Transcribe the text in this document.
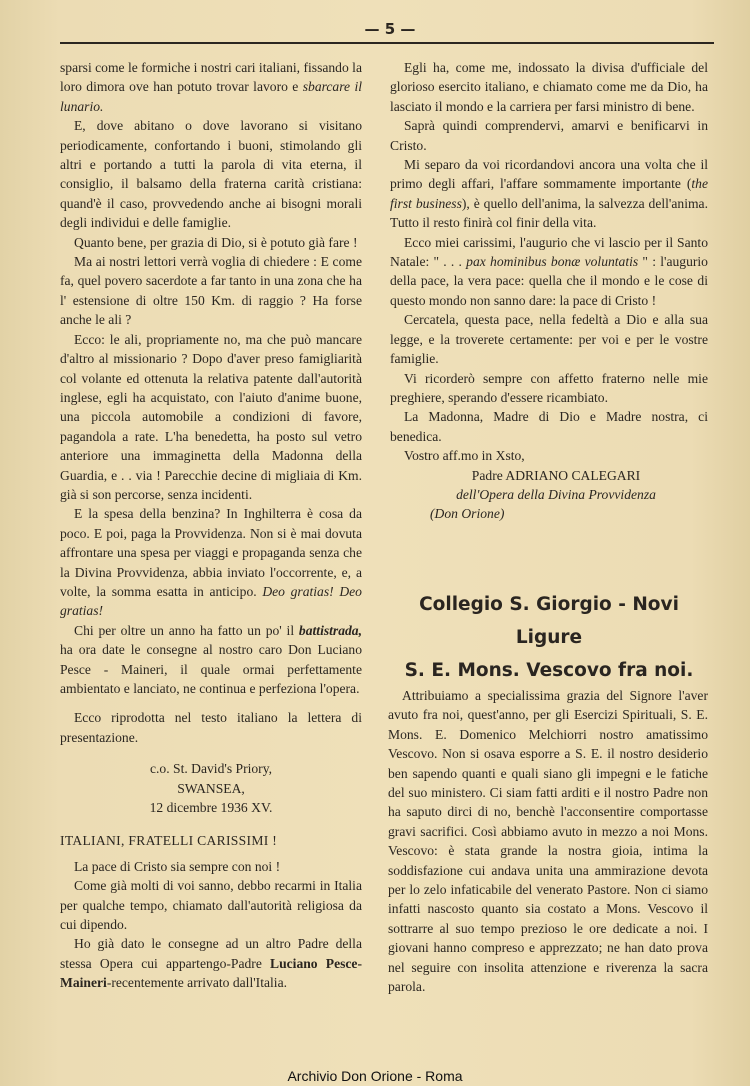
— 5 —

sparsi come le formiche i nostri cari italiani, fissando la loro dimora ove han potuto trovar lavoro e sbarcare il lunario.

E, dove abitano o dove lavorano si visitano periodicamente, confortando i buoni, stimolando gli altri e portando a tutti la parola di vita eterna, il consiglio, il balsamo della fraterna carità cristiana: quand'è il caso, provvedendo anche ai bisogni morali degli individui e delle famiglie.

Quanto bene, per grazia di Dio, si è potuto già fare !

Ma ai nostri lettori verrà voglia di chiedere : E come fa, quel povero sacerdote a far tanto in una zona che ha l' estensione di oltre 150 Km. di raggio ? Ha forse anche le ali ?

Ecco: le ali, propriamente no, ma che può mancare d'altro al missionario ? Dopo d'aver preso famigliarità col volante ed ottenuta la relativa patente dall'autorità inglese, egli ha acquistato, con l'aiuto d'anime buone, una piccola automobile a condizioni di favore, pagandola a rate. L'ha benedetta, ha posto sul vetro anteriore una immaginetta della Madonna della Guardia, e . . via ! Parecchie decine di migliaia di Km. già si son percorse, senza incidenti.

E la spesa della benzina? In Inghilterra è cosa da poco. E poi, paga la Provvidenza. Non si è mai dovuta affrontare una spesa per viaggi e propaganda senza che la Divina Provvidenza, abbia inviato l'occorrente, e, a volte, la somma esatta in anticipo. Deo gratias! Deo gratias!

Chi per oltre un anno ha fatto un po' il battistrada, ha ora date le consegne al nostro caro Don Luciano Pesce - Maineri, il quale ormai perfettamente ambientato e lanciato, ne continua e perfeziona l'opera.

Ecco riprodotta nel testo italiano la lettera di presentazione.

c.o. St. David's Priory,
SWANSEA,
12 dicembre 1936 XV.

ITALIANI, FRATELLI CARISSIMI !

La pace di Cristo sia sempre con noi !

Come già molti di voi sanno, debbo recarmi in Italia per qualche tempo, chiamato dall'autorità religiosa da cui dipendo.

Ho già dato le consegne ad un altro Padre della stessa Opera cui appartengo-Padre Luciano Pesce-Maineri-recentemente arrivato dall'Italia.

Egli ha, come me, indossato la divisa d'ufficiale del glorioso esercito italiano, e chiamato come me da Dio, ha lasciato il mondo e la carriera per farsi ministro di bene.

Saprà quindi comprendervi, amarvi e benificarvi in Cristo.

Mi separo da voi ricordandovi ancora una volta che il primo degli affari, l'affare sommamente importante (the first business), è quello dell'anima, la salvezza dell'anima. Tutto il resto finirà col finir della vita.

Ecco miei carissimi, l'augurio che vi lascio per il Santo Natale: " . . . pax hominibus bonæ voluntatis " : l'augurio della pace, la vera pace: quella che il mondo e le cose di questo mondo non sanno dare: la pace di Cristo !

Cercatela, questa pace, nella fedeltà a Dio e alla sua legge, e la troverete certamente: per voi e per le vostre famiglie.

Vi ricorderò sempre con affetto fraterno nelle mie preghiere, sperando d'essere ricambiato.

La Madonna, Madre di Dio e Madre nostra, ci benedica.

Vostro aff.mo in Xsto,

Padre ADRIANO CALEGARI

dell'Opera della Divina Provvidenza

(Don Orione)

Collegio S. Giorgio - Novi Ligure
S. E. Mons. Vescovo fra noi.

Attribuiamo a specialissima grazia del Signore l'aver avuto fra noi, quest'anno, per gli Esercizi Spirituali, S. E. Mons. E. Domenico Melchiorri nostro amatissimo Vescovo. Non si osava esporre a S. E. il nostro desiderio ben sapendo quanti e quali siano gli impegni e le fatiche del suo ministero. Ci siam fatti arditi e il nostro Padre non ha saputo dirci di no, benchè l'acconsentire comportasse gravi sacrifici. Così abbiamo avuto in mezzo a noi Mons. Vescovo: è stata grande la nostra gioia, intima la soddisfazione cui andava unita una ammirazione devota per lo zelo infaticabile del venerato Pastore. Non ci siamo infatti nascosto quanto sia costato a Mons. Vescovo il sottrarre al suo tempo prezioso le ore dedicate a noi. I giovani hanno compreso e apprezzato; ne han dato prova nel seguire con insolita attenzione e riverenza la sacra parola.

Archivio Don Orione - Roma
